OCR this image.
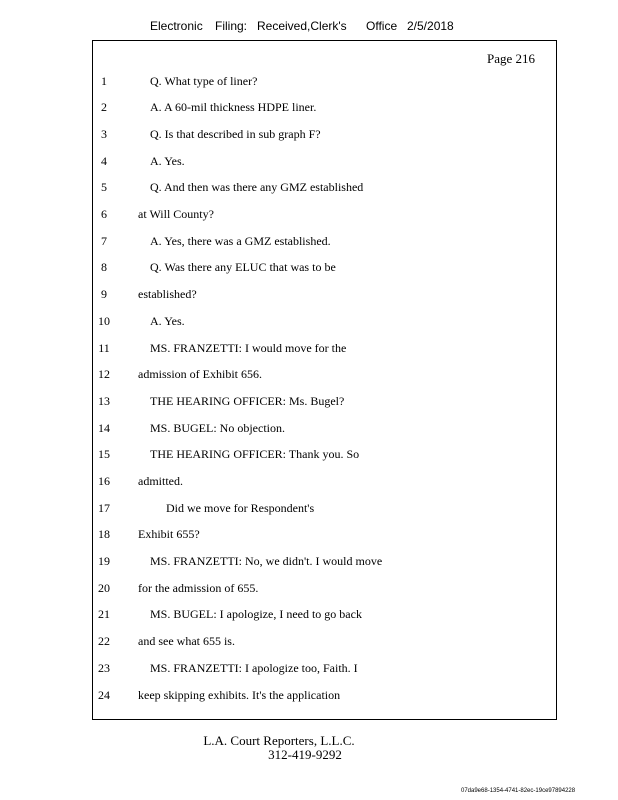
Electronic Filing: Received,Clerk's Office 2/5/2018
Page 216
1	Q. What type of liner?
2	A. A 60-mil thickness HDPE liner.
3	Q. Is that described in sub graph F?
4	A. Yes.
5	Q. And then was there any GMZ established
6	at Will County?
7	A. Yes, there was a GMZ established.
8	Q. Was there any ELUC that was to be
9	established?
10	A. Yes.
11	MS. FRANZETTI: I would move for the
12	admission of Exhibit 656.
13	THE HEARING OFFICER: Ms. Bugel?
14	MS. BUGEL: No objection.
15	THE HEARING OFFICER: Thank you. So
16	admitted.
17	Did we move for Respondent's
18	Exhibit 655?
19	MS. FRANZETTI: No, we didn't. I would move
20	for the admission of 655.
21	MS. BUGEL: I apologize, I need to go back
22	and see what 655 is.
23	MS. FRANZETTI: I apologize too, Faith. I
24	keep skipping exhibits. It's the application
L.A. Court Reporters, L.L.C.
312-419-9292
07da9e68-1354-4741-82ec-19ce97894228
